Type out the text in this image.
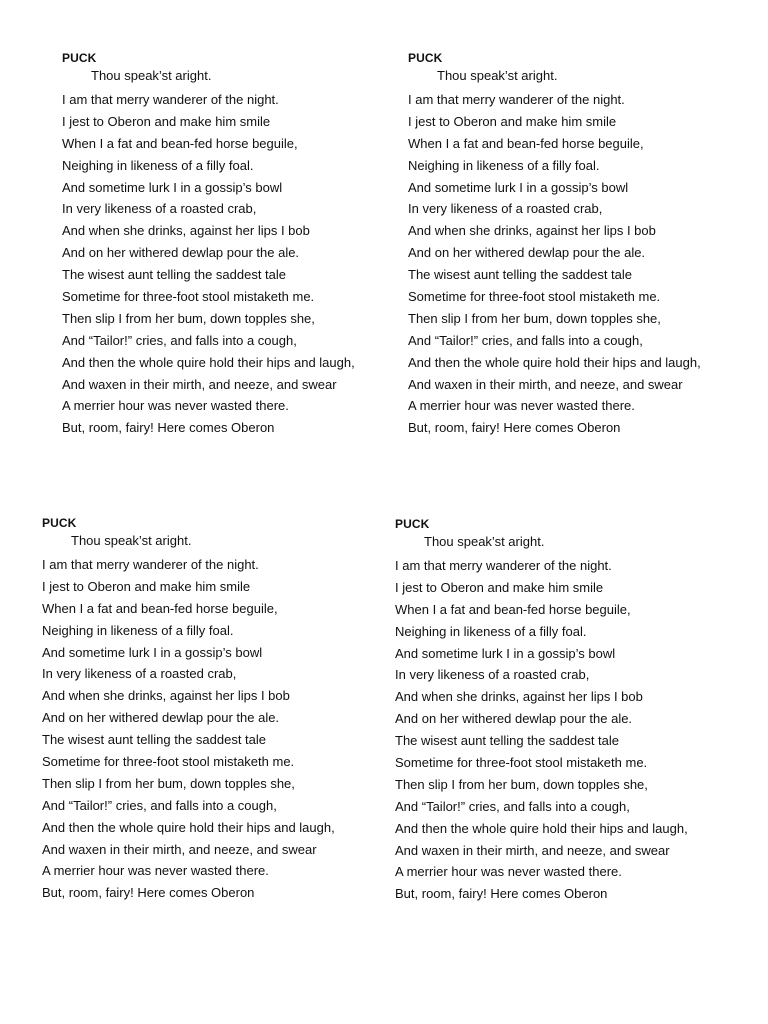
PUCK
Thou speak’st aright.
I am that merry wanderer of the night.
I jest to Oberon and make him smile
When I a fat and bean-fed horse beguile,
Neighing in likeness of a filly foal.
And sometime lurk I in a gossip’s bowl
In very likeness of a roasted crab,
And when she drinks, against her lips I bob
And on her withered dewlap pour the ale.
The wisest aunt telling the saddest tale
Sometime for three-foot stool mistaketh me.
Then slip I from her bum, down topples she,
And “Tailor!” cries, and falls into a cough,
And then the whole quire hold their hips and laugh,
And waxen in their mirth, and neeze, and swear
A merrier hour was never wasted there.
But, room, fairy! Here comes Oberon
PUCK
Thou speak’st aright.
I am that merry wanderer of the night.
I jest to Oberon and make him smile
When I a fat and bean-fed horse beguile,
Neighing in likeness of a filly foal.
And sometime lurk I in a gossip’s bowl
In very likeness of a roasted crab,
And when she drinks, against her lips I bob
And on her withered dewlap pour the ale.
The wisest aunt telling the saddest tale
Sometime for three-foot stool mistaketh me.
Then slip I from her bum, down topples she,
And “Tailor!” cries, and falls into a cough,
And then the whole quire hold their hips and laugh,
And waxen in their mirth, and neeze, and swear
A merrier hour was never wasted there.
But, room, fairy! Here comes Oberon
PUCK
Thou speak’st aright.
I am that merry wanderer of the night.
I jest to Oberon and make him smile
When I a fat and bean-fed horse beguile,
Neighing in likeness of a filly foal.
And sometime lurk I in a gossip’s bowl
In very likeness of a roasted crab,
And when she drinks, against her lips I bob
And on her withered dewlap pour the ale.
The wisest aunt telling the saddest tale
Sometime for three-foot stool mistaketh me.
Then slip I from her bum, down topples she,
And “Tailor!” cries, and falls into a cough,
And then the whole quire hold their hips and laugh,
And waxen in their mirth, and neeze, and swear
A merrier hour was never wasted there.
But, room, fairy! Here comes Oberon
PUCK
Thou speak’st aright.
I am that merry wanderer of the night.
I jest to Oberon and make him smile
When I a fat and bean-fed horse beguile,
Neighing in likeness of a filly foal.
And sometime lurk I in a gossip’s bowl
In very likeness of a roasted crab,
And when she drinks, against her lips I bob
And on her withered dewlap pour the ale.
The wisest aunt telling the saddest tale
Sometime for three-foot stool mistaketh me.
Then slip I from her bum, down topples she,
And “Tailor!” cries, and falls into a cough,
And then the whole quire hold their hips and laugh,
And waxen in their mirth, and neeze, and swear
A merrier hour was never wasted there.
But, room, fairy! Here comes Oberon
